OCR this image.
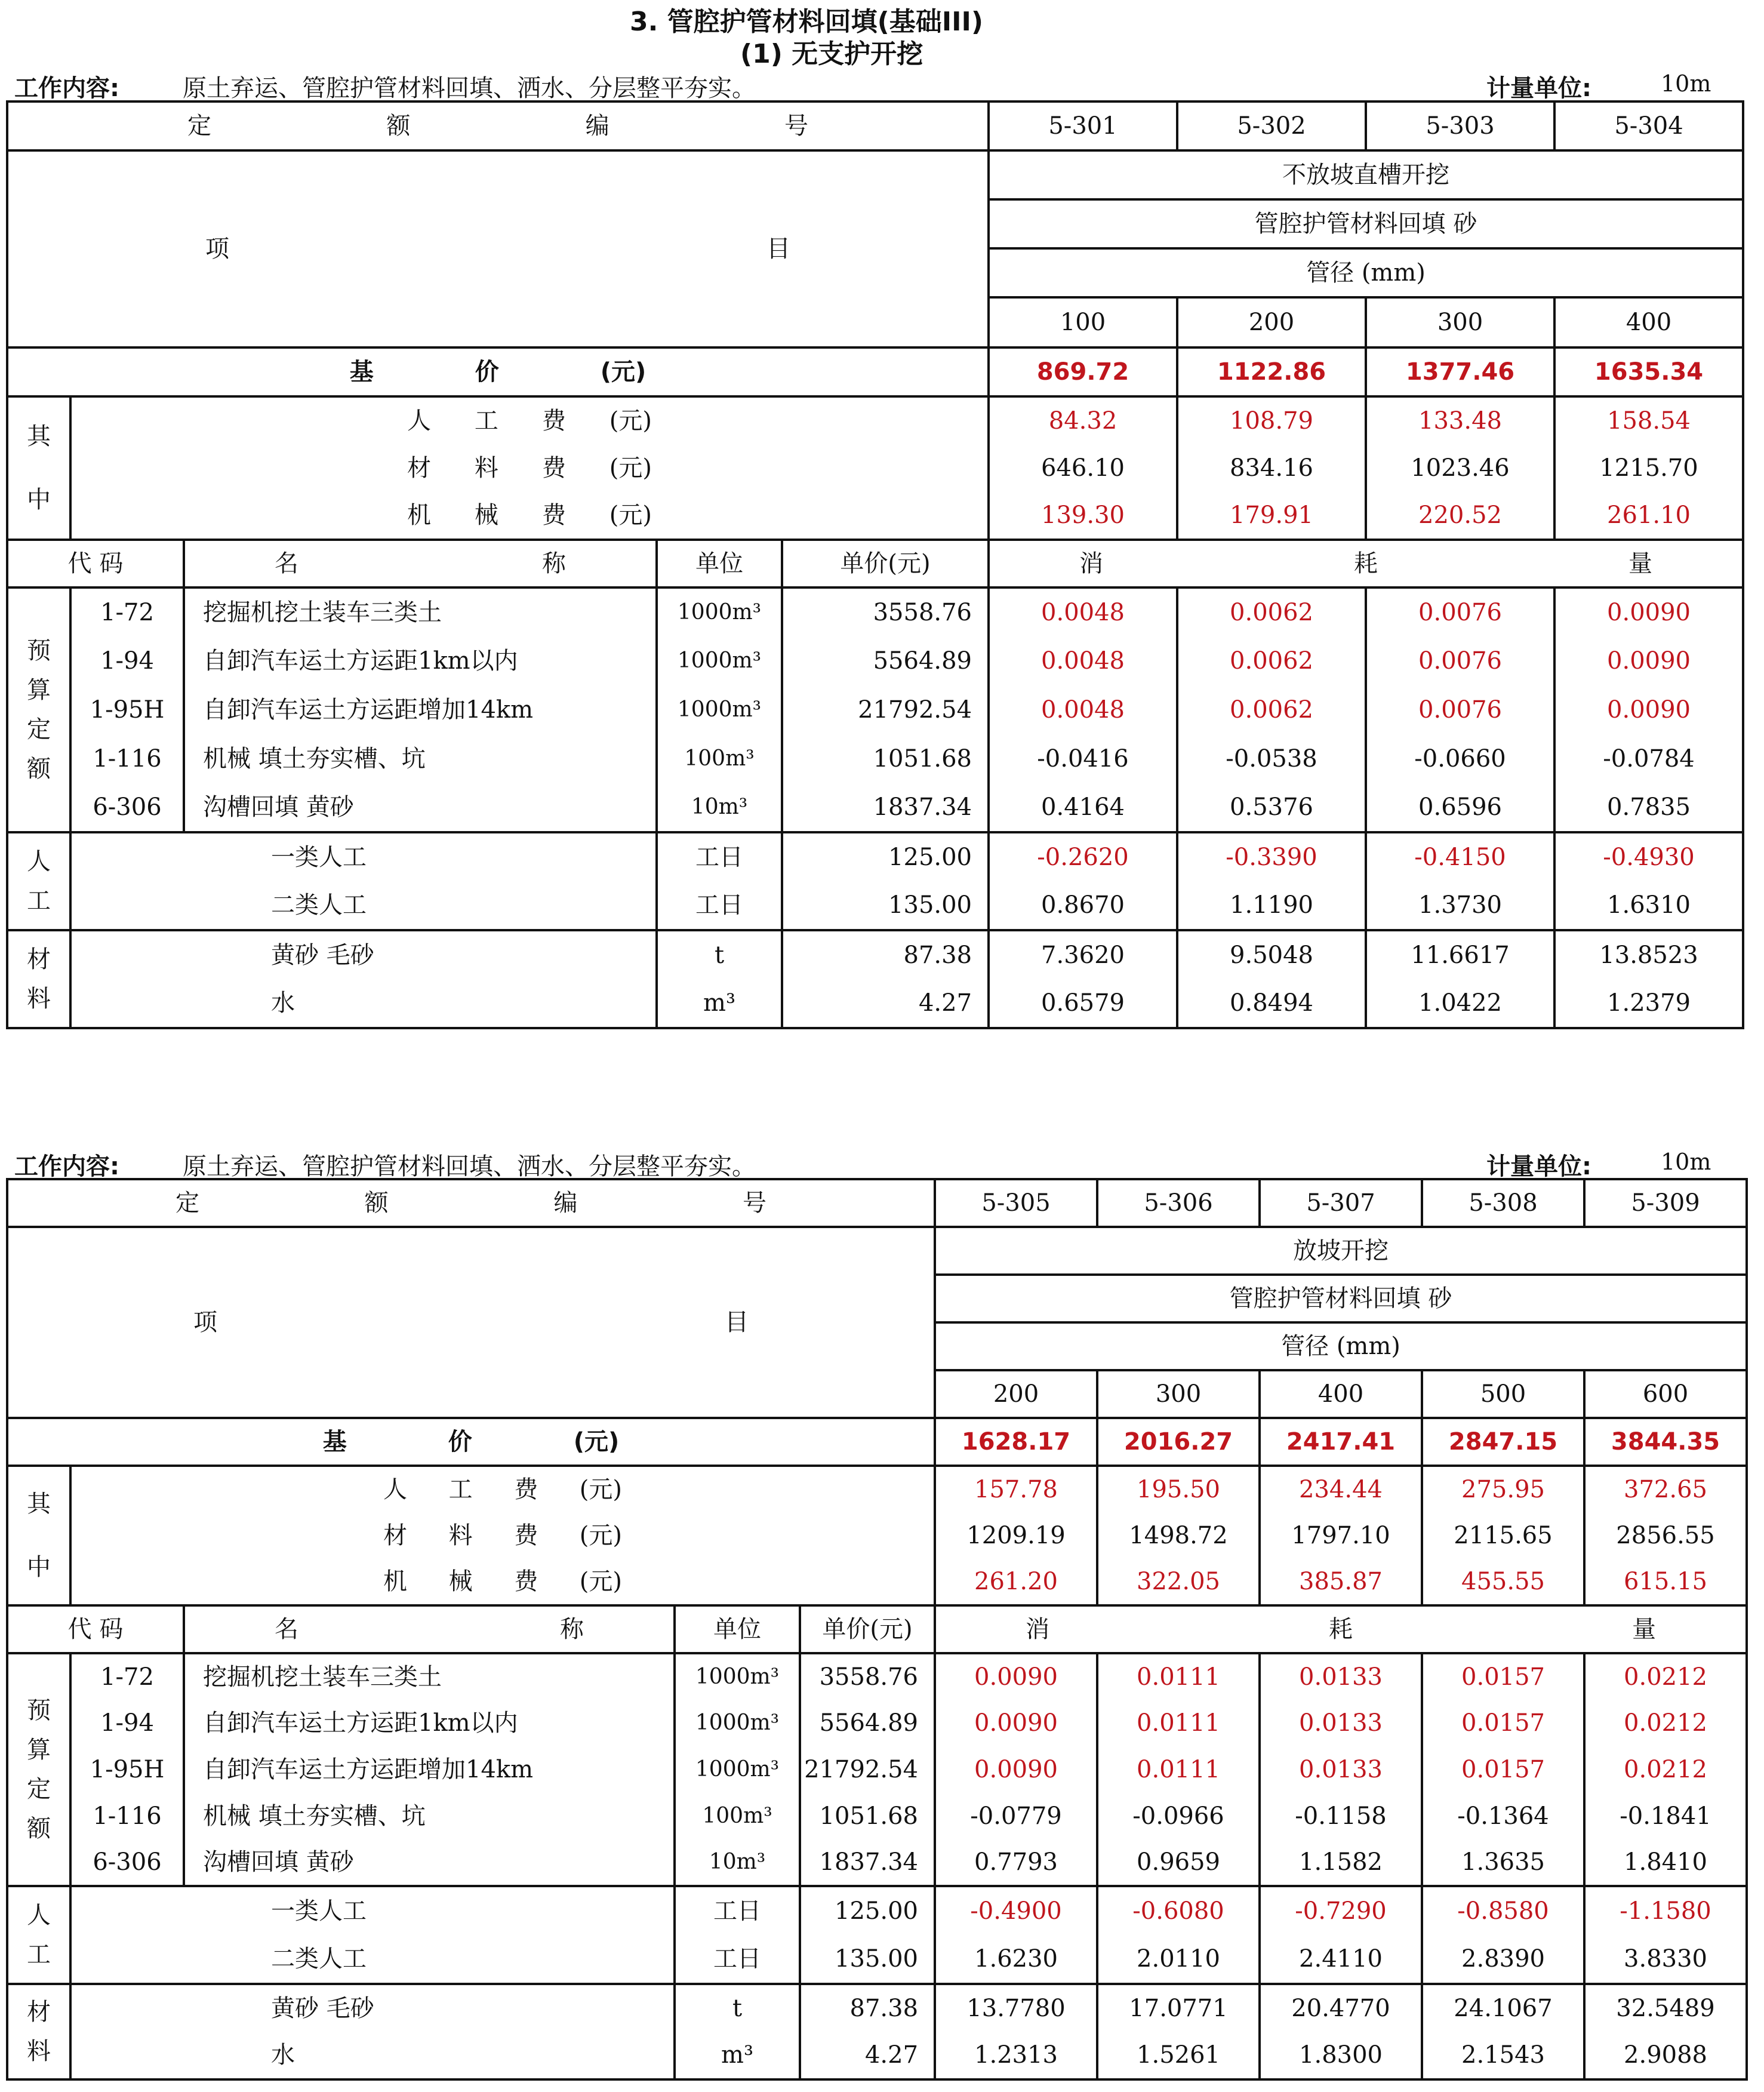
3. 管腔护管材料回填(基础III)
(1) 无支护开挖
工作内容:	原土弃运、管腔护管材料回填、洒水、分层整平夯实。	计量单位:	10m
定 额 编 号					5-301	5-302	5-303	5-304

项 目					不放坡直槽开挖			
					管腔护管材料回填 砂			
					管径 (mm)			
					100	200	300	400

基 价 (元)					869.72	1122.86	1377.46	1635.34

其
中	人 工 费 (元)				84.32	108.79	133.48	158.54

	材 料 费 (元)				646.10	834.16	1023.46	1215.70

	机 械 费 (元)				139.30	179.91	220.52	261.10
代 码		名 称	单位	单价(元)	消 耗 量			

预
算
定
额	1-72	挖掘机挖土装车三类土	1000m³	3558.76	0.0048	0.0062	0.0076	0.0090
	1-94	自卸汽车运土方运距1km以内	1000m³	5564.89	0.0048	0.0062	0.0076	0.0090
	1-95H	自卸汽车运土方运距增加14km	1000m³	21792.54	0.0048	0.0062	0.0076	0.0090
	1-116	机械 填土夯实槽、坑	100m³	1051.68	-0.0416	-0.0538	-0.0660	-0.0784
	6-306	沟槽回填 黄砂	10m³	1837.34	0.4164	0.5376	0.6596	0.7835

人
工	一类人工		工日	125.00	-0.2620	-0.3390	-0.4150	-0.4930
	二类人工		工日	135.00	0.8670	1.1190	1.3730	1.6310

材
料	黄砂 毛砂		t	87.38	7.3620	9.5048	11.6617	13.8523
	水		m³	4.27	0.6579	0.8494	1.0422	1.2379
工作内容:	原土弃运、管腔护管材料回填、洒水、分层整平夯实。	计量单位:	10m
定 额 编 号					5-305	5-306	5-307	5-308	5-309

项 目					放坡开挖				
					管腔护管材料回填 砂				
					管径 (mm)				
					200	300	400	500	600

基 价 (元)					1628.17	2016.27	2417.41	2847.15	3844.35

其
中	人 工 费 (元)				157.78	195.50	234.44	275.95	372.65

	材 料 费 (元)				1209.19	1498.72	1797.10	2115.65	2856.55

	机 械 费 (元)				261.20	322.05	385.87	455.55	615.15
代 码		名 称	单位	单价(元)	消 耗 量				

预
算
定
额	1-72	挖掘机挖土装车三类土	1000m³	3558.76	0.0090	0.0111	0.0133	0.0157	0.0212
	1-94	自卸汽车运土方运距1km以内	1000m³	5564.89	0.0090	0.0111	0.0133	0.0157	0.0212
	1-95H	自卸汽车运土方运距增加14km	1000m³	21792.54	0.0090	0.0111	0.0133	0.0157	0.0212
	1-116	机械 填土夯实槽、坑	100m³	1051.68	-0.0779	-0.0966	-0.1158	-0.1364	-0.1841
	6-306	沟槽回填 黄砂	10m³	1837.34	0.7793	0.9659	1.1582	1.3635	1.8410

人
工	一类人工		工日	125.00	-0.4900	-0.6080	-0.7290	-0.8580	-1.1580
	二类人工		工日	135.00	1.6230	2.0110	2.4110	2.8390	3.8330

材
料	黄砂 毛砂		t	87.38	13.7780	17.0771	20.4770	24.1067	32.5489
	水		m³	4.27	1.2313	1.5261	1.8300	2.1543	2.9088
